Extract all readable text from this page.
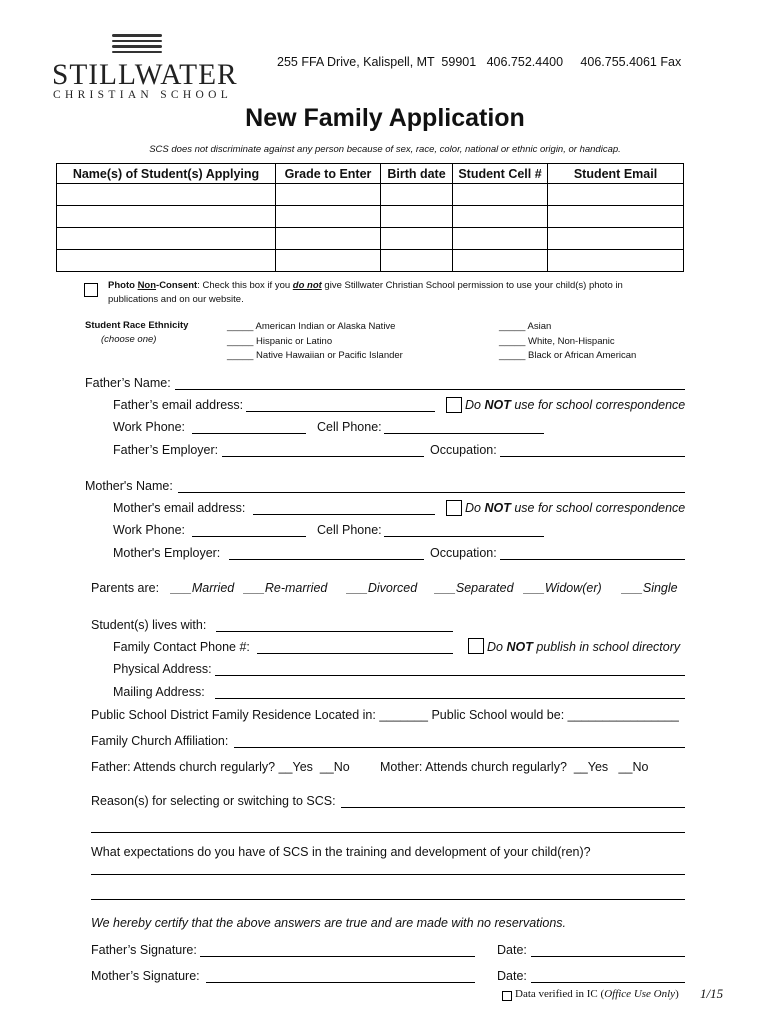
STILLWATER
CHRISTIAN SCHOOL
255 FFA Drive, Kalispell, MT  59901   406.752.4400     406.755.4061 Fax
New Family Application
SCS does not discriminate against any person because of sex, race, color, national or ethnic origin, or handicap.
Name(s) of Student(s) Applying	Grade to Enter	Birth date	Student Cell #	Student Email

Photo Non-Consent: Check this box if you do not give Stillwater Christian School permission to use your child(s) photo in
publications and on our website.
Student Race Ethnicity
(choose one)
_____ American Indian or Alaska Native
_____ Hispanic or Latino
_____ Native Hawaiian or Pacific Islander
_____ Asian
_____ White, Non-Hispanic
_____ Black or African American
Father’s Name:
Father’s email address:	Do NOT use for school correspondence
Work Phone:	Cell Phone:
Father’s Employer:	Occupation:
Mother's Name:
Mother's email address:	Do NOT use for school correspondence
Work Phone:	Cell Phone:
Mother's Employer:	Occupation:
Parents are: ___Married ___Re-married ___Divorced ___Separated ___Widow(er) ___Single
Student(s) lives with:
Family Contact Phone #:	Do NOT publish in school directory
Physical Address:
Mailing Address:
Public School District Family Residence Located in: _______ Public School would be: ________________
Family Church Affiliation:
Father: Attends church regularly? __Yes  __No Mother: Attends church regularly?  __Yes   __No
Reason(s) for selecting or switching to SCS:
What expectations do you have of SCS in the training and development of your child(ren)?
We hereby certify that the above answers are true and are made with no reservations.
Father’s Signature:	Date:
Mother’s Signature:	Date:
Data verified in IC (Office Use Only) 1/15
